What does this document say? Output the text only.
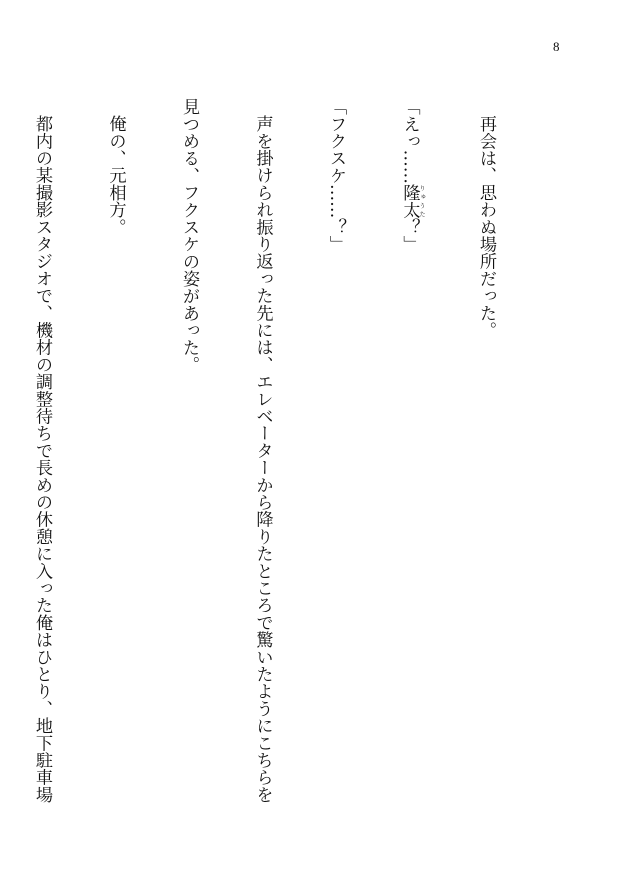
8

再会は、思わぬ場所だった。

「えっ……隆太りゅうた？」

「フクスケ……？」

声を掛けられ振り返った先には、エレベーターから降りたところで驚いたようにこちらを

見つめる、フクスケの姿があった。

俺の、元相方。

都内の某撮影スタジオで、機材の調整待ちで長めの休憩に入った俺はひとり、地下駐車場
